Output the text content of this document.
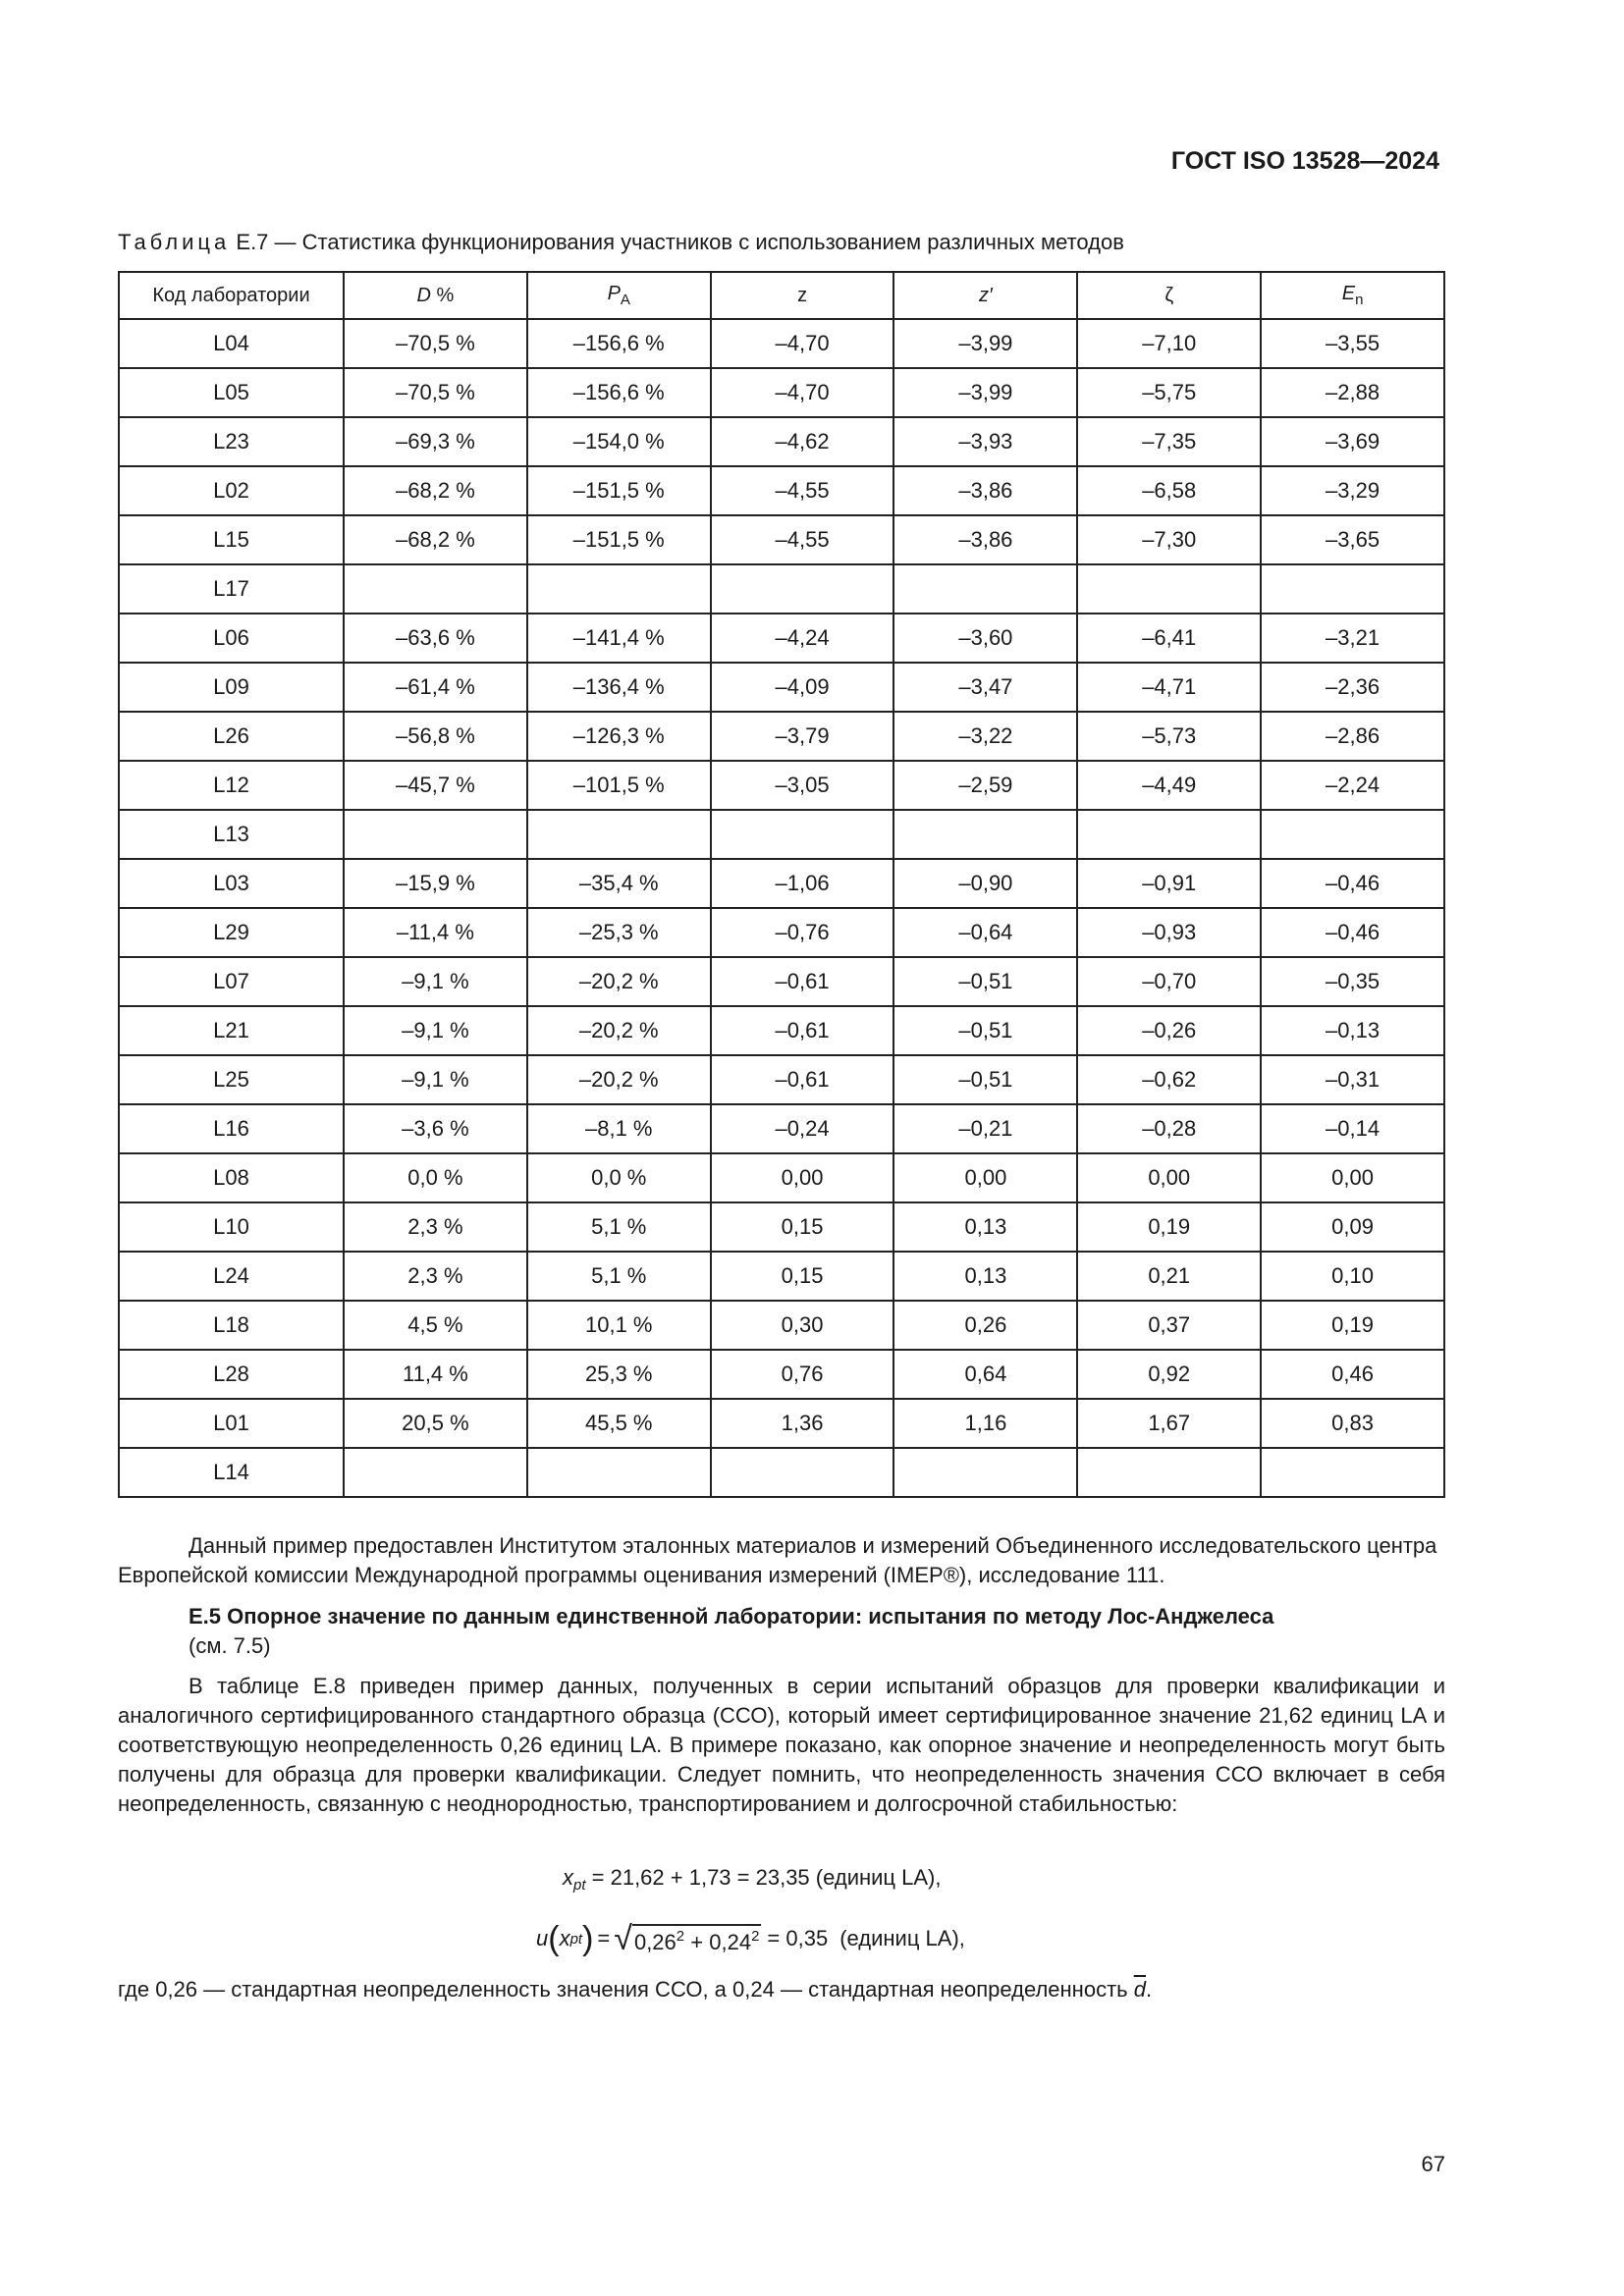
ГОСТ ISO 13528—2024
Таблица Е.7 — Статистика функционирования участников с использованием различных методов
Код лаборатории	D %	$P_A$	z	z′	ζ	$E_n$
L04	–70,5 %	–156,6 %	–4,70	–3,99	–7,10	–3,55
L05	–70,5 %	–156,6 %	–4,70	–3,99	–5,75	–2,88
L23	–69,3 %	–154,0 %	–4,62	–3,93	–7,35	–3,69
L02	–68,2 %	–151,5 %	–4,55	–3,86	–6,58	–3,29
L15	–68,2 %	–151,5 %	–4,55	–3,86	–7,30	–3,65
L17						
L06	–63,6 %	–141,4 %	–4,24	–3,60	–6,41	–3,21
L09	–61,4 %	–136,4 %	–4,09	–3,47	–4,71	–2,36
L26	–56,8 %	–126,3 %	–3,79	–3,22	–5,73	–2,86
L12	–45,7 %	–101,5 %	–3,05	–2,59	–4,49	–2,24
L13						
L03	–15,9 %	–35,4 %	–1,06	–0,90	–0,91	–0,46
L29	–11,4 %	–25,3 %	–0,76	–0,64	–0,93	–0,46
L07	–9,1 %	–20,2 %	–0,61	–0,51	–0,70	–0,35
L21	–9,1 %	–20,2 %	–0,61	–0,51	–0,26	–0,13
L25	–9,1 %	–20,2 %	–0,61	–0,51	–0,62	–0,31
L16	–3,6 %	–8,1 %	–0,24	–0,21	–0,28	–0,14
L08	0,0 %	0,0 %	0,00	0,00	0,00	0,00
L10	2,3 %	5,1 %	0,15	0,13	0,19	0,09
L24	2,3 %	5,1 %	0,15	0,13	0,21	0,10
L18	4,5 %	10,1 %	0,30	0,26	0,37	0,19
L28	11,4 %	25,3 %	0,76	0,64	0,92	0,46
L01	20,5 %	45,5 %	1,36	1,16	1,67	0,83
L14						
Данный пример предоставлен Институтом эталонных материалов и измерений Объединенного исследовательского центра Европейской комиссии Международной программы оценивания измерений (IMEP®), исследование 111.
Е.5 Опорное значение по данным единственной лаборатории: испытания по методу Лос-Анджелеса
(см. 7.5)
В таблице Е.8 приведен пример данных, полученных в серии испытаний образцов для проверки квалификации и аналогичного сертифицированного стандартного образца (ССО), который имеет сертифицированное значение 21,62 единиц LA и соответствующую неопределенность 0,26 единиц LA. В примере показано, как опорное значение и неопределенность могут быть получены для образца для проверки квалификации. Следует помнить, что неопределенность значения ССО включает в себя неопределенность, связанную с неоднородностью, транспортированием и долгосрочной стабильностью:
$x_{pt} = 21,62 + 1,73 = 23,35$ (единиц LA),
u ( x pt ) = √ $0,26^2 + 0,24^2 = 0,35$ (единиц LA),
где 0,26 — стандартная неопределенность значения ССО, а 0,24 — стандартная неопределенность $\overline{d}$.
67
